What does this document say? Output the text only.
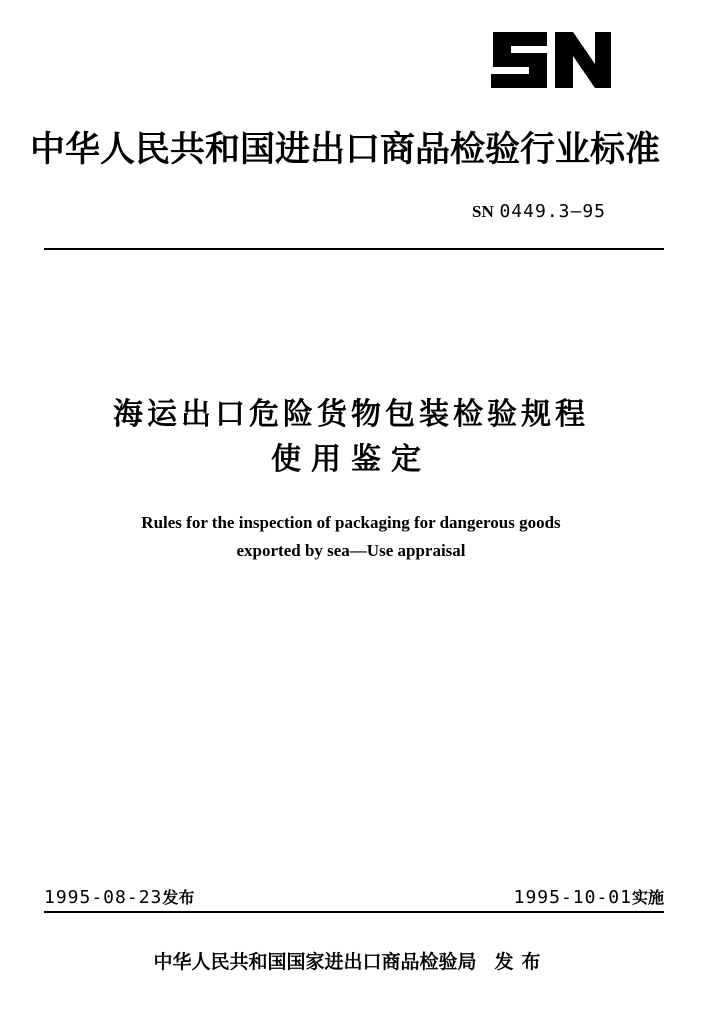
中华人民共和国进出口商品检验行业标准
SN 0449.3—95
海运出口危险货物包装检验规程
使用鉴定
Rules for the inspection of packaging for dangerous goods
exported by sea—Use appraisal
1995-08-23发布	1995-10-01实施
中华人民共和国国家进出口商品检验局 发布
